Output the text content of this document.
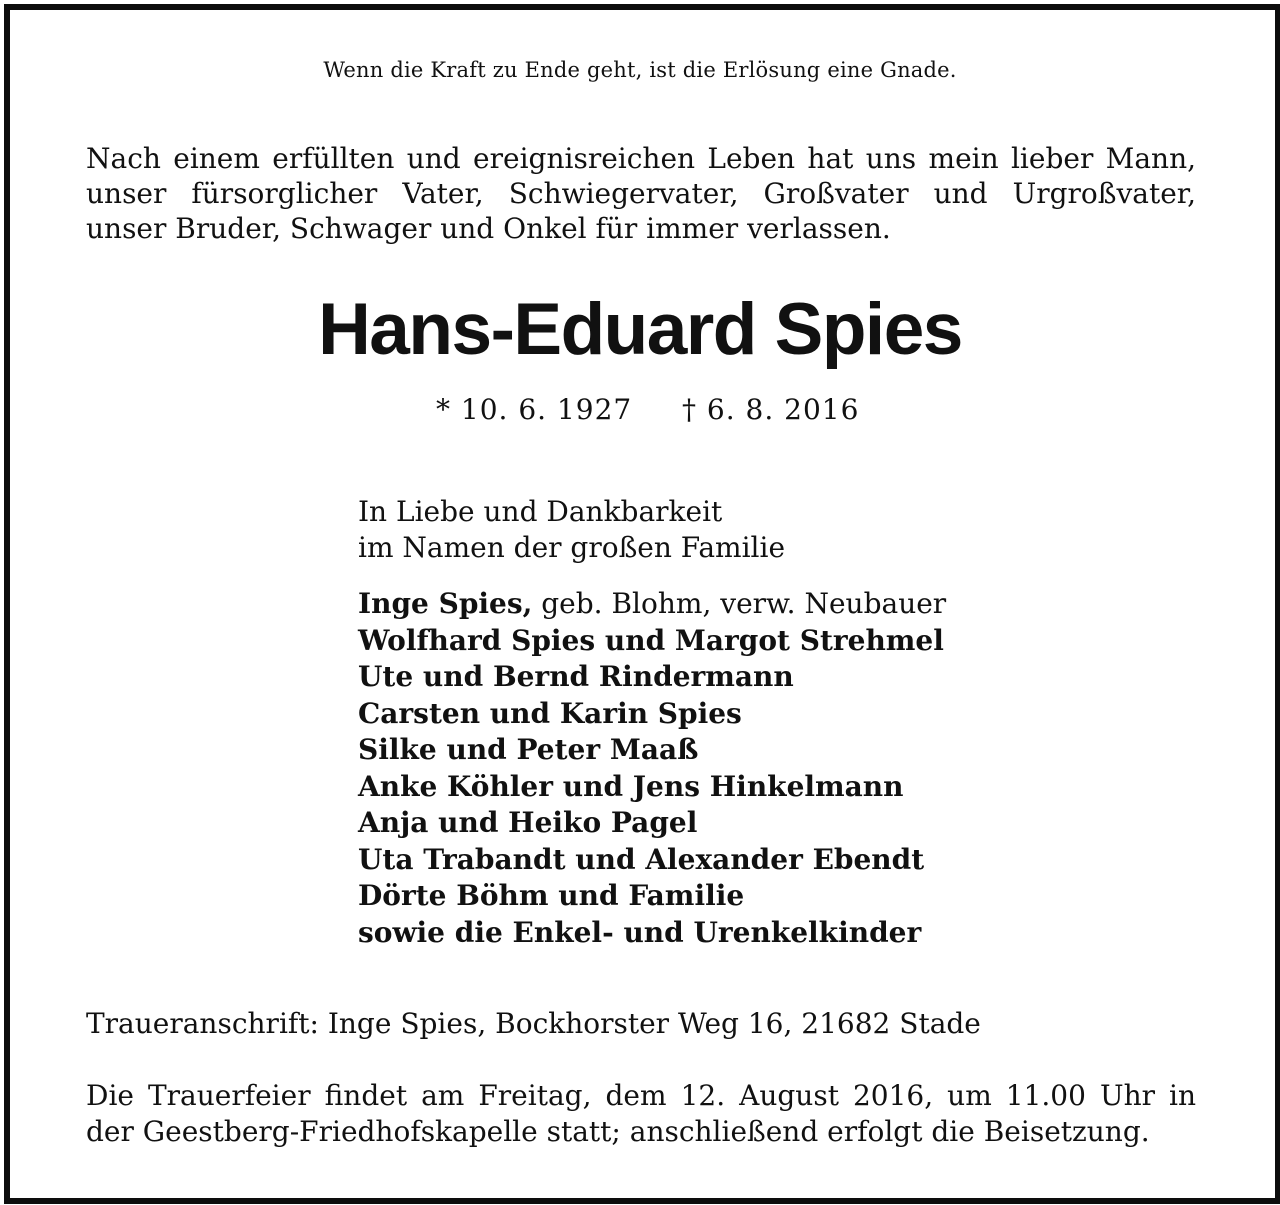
Wenn die Kraft zu Ende geht, ist die Erlösung eine Gnade.
Nach einem erfüllten und ereignisreichen Leben hat uns mein lieber Mann,
unser fürsorglicher Vater, Schwiegervater, Großvater und Urgroßvater,
unser Bruder, Schwager und Onkel für immer verlassen.
Hans-Eduard Spies
* 10. 6. 1927 † 6. 8. 2016
In Liebe und Dankbarkeit
im Namen der großen Familie
Inge Spies, geb. Blohm, verw. Neubauer
Wolfhard Spies und Margot Strehmel
Ute und Bernd Rindermann
Carsten und Karin Spies
Silke und Peter Maaß
Anke Köhler und Jens Hinkelmann
Anja und Heiko Pagel
Uta Trabandt und Alexander Ebendt
Dörte Böhm und Familie
sowie die Enkel- und Urenkelkinder
Traueranschrift: Inge Spies, Bockhorster Weg 16, 21682 Stade
Die Trauerfeier findet am Freitag, dem 12. August 2016, um 11.00 Uhr in
der Geestberg-Friedhofskapelle statt; anschließend erfolgt die Beisetzung.
